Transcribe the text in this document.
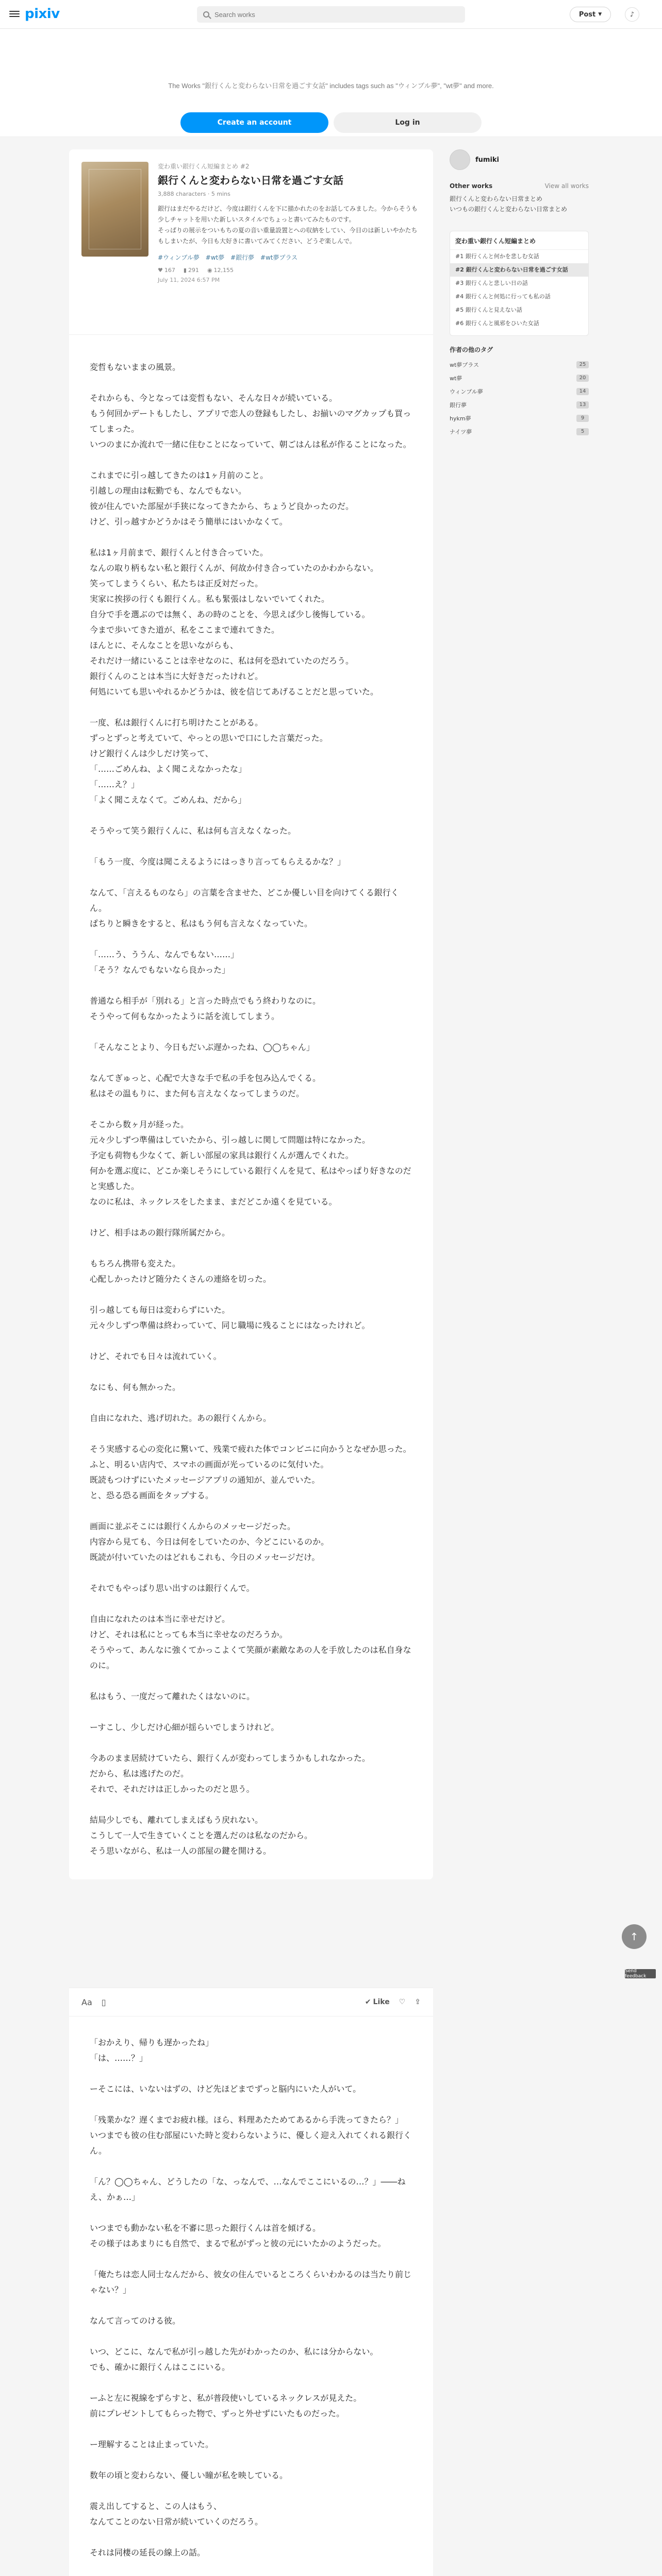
pixiv
Search works	Post ▼	♪

The Works "銀行くんと変わらない日常を過ごす女話" includes tags such as "ウィンブル夢", "wt夢" and more.

Create an account	Log in
変わ重い銀行くん短編まとめ #2
銀行くんと変わらない日常を過ごす女話
3,888 characters · 5 mins

銀行はまだやるだけど、今度は銀行くんを下に描かれたのをお話してみました。今からそうも少しチャットを用いた新しいスタイルでちょっと書いてみたものです。

そっぱりの展示をついもちの夏の音い重量設置とへの収納をしてい、今日のは新しいやかたちもしまいたが、今日も大好きに書いてみてください、どうぞ楽しんで。

#ウィンブル夢 #wt夢 #銀行夢 #wt夢プラス
♥ 167 ▮ 291 ◉ 12,155
July 11, 2024 6:57 PM

変哲もないままの風景。

それからも、今となっては変哲もない、そんな日々が続いている。

もう何回かデートもしたし、アプリで恋人の登録もしたし、お揃いのマグカップも買ってしまった。

いつのまにか流れで一緒に住むことになっていて、朝ごはんは私が作ることになった。

これまでに引っ越してきたのは1ヶ月前のこと。

引越しの理由は転勤でも、なんでもない。

彼が住んでいた部屋が手狭になってきたから、ちょうど良かったのだ。

けど、引っ越すかどうかはそう簡単にはいかなくて。

私は1ヶ月前まで、銀行くんと付き合っていた。

なんの取り柄もない私と銀行くんが、何故か付き合っていたのかわからない。

笑ってしまうくらい、私たちは正反対だった。

実家に挨拶の行くも銀行くん。私も緊張はしないでいてくれた。

自分で手を選ぶのでは無く、あの時のことを、今思えば少し後悔している。

今まで歩いてきた道が、私をここまで連れてきた。

ほんとに、そんなことを思いながらも、

それだけ一緒にいることは幸せなのに、私は何を恐れていたのだろう。

銀行くんのことは本当に大好きだったけれど。

何処にいても思いやれるかどうかは、彼を信じてあげることだと思っていた。

一度、私は銀行くんに打ち明けたことがある。

ずっとずっと考えていて、やっとの思いで口にした言葉だった。

けど銀行くんは少しだけ笑って、

「……ごめんね、よく聞こえなかったな」

「……え？」

「よく聞こえなくて。ごめんね、だから」

そうやって笑う銀行くんに、私は何も言えなくなった。

「もう一度、今度は聞こえるようにはっきり言ってもらえるかな？」

なんて、「言えるものなら」の言葉を含ませた、どこか優しい目を向けてくる銀行くん。

ぱちりと瞬きをすると、私はもう何も言えなくなっていた。

「……う、ううん、なんでもない……」

「そう？なんでもないなら良かった」

普通なら相手が「別れる」と言った時点でもう終わりなのに。

そうやって何もなかったように話を流してしまう。

「そんなことより、今日もだいぶ遅かったね、◯◯ちゃん」

なんてぎゅっと、心配で大きな手で私の手を包み込んでくる。

私はその温もりに、また何も言えなくなってしまうのだ。

そこから数ヶ月が経った。

元々少しずつ準備はしていたから、引っ越しに関して問題は特になかった。

予定も荷物も少なくて、新しい部屋の家具は銀行くんが選んでくれた。

何かを選ぶ度に、どこか楽しそうにしている銀行くんを見て、私はやっぱり好きなのだと実感した。

なのに私は、ネックレスをしたまま、まだどこか遠くを見ている。

けど、相手はあの銀行隊所属だから。

もちろん携帯も変えた。

心配しかったけど随分たくさんの連絡を切った。

引っ越しても毎日は変わらずにいた。

元々少しずつ準備は終わっていて、同じ職場に残ることにはなったけれど。

けど、それでも日々は流れていく。

なにも、何も無かった。

自由になれた、逃げ切れた。あの銀行くんから。

そう実感する心の変化に驚いて、残業で疲れた体でコンビニに向かうとなぜか思った。

ふと、明るい店内で、スマホの画面が光っているのに気付いた。

既読もつけずにいたメッセージアプリの通知が、並んでいた。

と、恐る恐る画面をタップする。

画面に並ぶそこには銀行くんからのメッセージだった。

内容から見ても、今日は何をしていたのか、今どこにいるのか。

既読が付いていたのはどれもこれも、今日のメッセージだけ。

それでもやっぱり思い出すのは銀行くんで。

自由になれたのは本当に幸せだけど。

けど、それは私にとっても本当に幸せなのだろうか。

そうやって、あんなに強くてかっこよくて笑顔が素敵なあの人を手放したのは私自身なのに。

私はもう、一度だって離れたくはないのに。

ーすこし、少しだけ心細が揺らいでしまうけれど。

今あのまま居続けていたら、銀行くんが変わってしまうかもしれなかった。

だから、私は逃げたのだ。

それで、それだけは正しかったのだと思う。

結局少しでも、離れてしまえばもう戻れない。

こうして一人で生きていくことを選んだのは私なのだから。

そう思いながら、私は一人の部屋の鍵を開ける。

Aa ▯	✔ Like ♡ ⇪

「おかえり、帰りも遅かったね」

「は、……？」

ーそこには、いないはずの、けど先ほどまでずっと脳内にいた人がいて。

「残業かな？遅くまでお疲れ様。ほら、料理あたためてあるから手洗ってきたら？」

いつまでも彼の住む部屋にいた時と変わらないように、優しく迎え入れてくれる銀行くん。

「ん？◯◯ちゃん、どうしたの「な、っなんで、…なんでここにいるの…？」――ねえ、かぁ…」

いつまでも動かない私を不審に思った銀行くんは首を傾げる。

その様子はあまりにも自然で、まるで私がずっと彼の元にいたかのようだった。

「俺たちは恋人同士なんだから、彼女の住んでいるところくらいわかるのは当たり前じゃない？」

なんて言ってのける彼。

いつ、どこに、なんで私が引っ越した先がわかったのか、私には分からない。

でも、確かに銀行くんはここにいる。

ーふと左に視線をずらすと、私が普段使いしているネックレスが見えた。

前にプレゼントしてもらった物で、ずっと外せずにいたものだった。

ー理解することは止まっていた。

数年の頃と変わらない、優しい瞳が私を映している。

震え出してすると、この人はもう、

なんてことのない日常が続いていくのだろう。

それは同棲の延長の線上の話。

fumiki
Other works	View all works

銀行くんと変わらない日常まとめ

いつもの銀行くんと変わらない日常まとめ

変わ重い銀行くん短編まとめ
#1 銀行くんと何かを悲しむ女話
#2 銀行くんと変わらない日常を過ごす女話
#3 銀行くんと悲しい日の話
#4 銀行くんと何処に行っても私の話
#5 銀行くんと見えない話
#6 銀行くんと風邪をひいた女話
作者の他のタグ
wt夢プラス	25
wt夢	20
ウィンブル夢	14
銀行夢	13
hykm夢	9
ナイツ夢	5
↑
Send feedback
